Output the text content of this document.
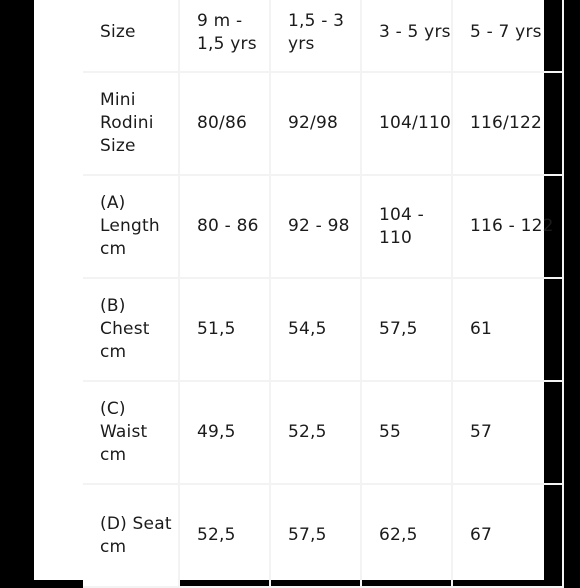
Size	9 m - 1,5 yrs	1,5 - 3 yrs	3 - 5 yrs	5 - 7 yrs
Mini Rodini Size	80/86	92/98	104/110	116/122
(A) Length cm	80 - 86	92 - 98	104 - 110	116 - 122
(B) Chest cm	51,5	54,5	57,5	61
(C) Waist cm	49,5	52,5	55	57
(D) Seat cm	52,5	57,5	62,5	67
